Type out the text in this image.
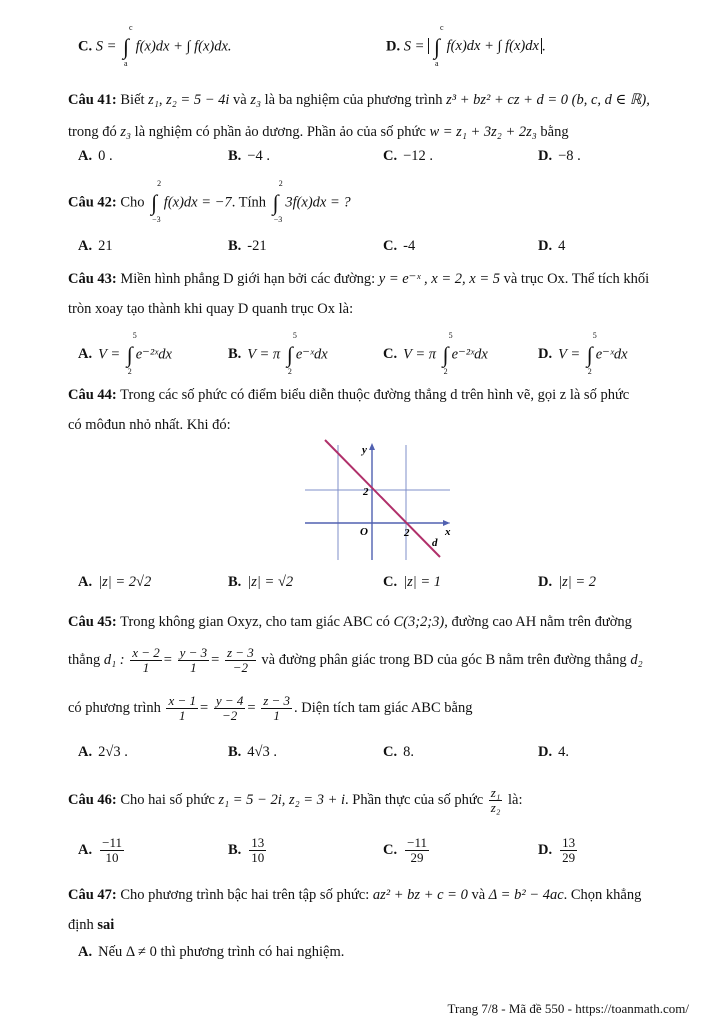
C. S = ∫
c
a
f(x)dx + ∫ f(x)dx.	D. S = ∫
c
a
f(x)dx + ∫ f(x)dx .
Câu 41: Biết z₁, z₂ = 5 − 4i và z₃ là ba nghiệm của phương trình z³ + bz² + cz + d = 0 (b, c, d ∈ ℝ),
trong đó z₃ là nghiệm có phần ảo dương. Phần ảo của số phức w = z₁ + 3z₂ + 2z₃ bằng
A. 0 .	B. −4 .	C. −12 .	D. −8 .
Câu 42: Cho ∫
2
−3
f(x)dx = −7. Tính ∫
2
−3
3f(x)dx = ?
A. 21	B. -21	C. -4	D. 4
Câu 43: Miền hình phẳng D giới hạn bởi các đường: y = e⁻ˣ , x = 2, x = 5 và trục Ox. Thể tích khối
tròn xoay tạo thành khi quay D quanh trục Ox là:
A. V = ∫
5
2
e⁻²ˣdx	B. V = π ∫
5
2
e⁻ˣdx	C. V = π ∫
5
2
e⁻²ˣdx	D. V = ∫
5
2
e⁻ˣdx
Câu 44: Trong các số phức có điểm biểu diễn thuộc đường thẳng d trên hình vẽ, gọi z là số phức
có môđun nhỏ nhất. Khi đó:
y
x
O
2
2
d
A. |z| = 2√2	B. |z| = √2	C. |z| = 1	D. |z| = 2
Câu 45: Trong không gian Oxyz, cho tam giác ABC có C(3;2;3), đường cao AH nằm trên đường
thẳng d₁ : $\frac{x - 2}{1} = \frac{y - 3}{1} = \frac{z - 3}{-2}$ và đường phân giác trong BD của góc B nằm trên đường thẳng d₂
có phương trình $\frac{x - 1}{1} = \frac{y - 4}{-2} = \frac{z - 3}{1}$ . Diện tích tam giác ABC bằng
A. 2√3 .	B. 4√3 .	C. 8.	D. 4.
Câu 46: Cho hai số phức z₁ = 5 − 2i, z₂ = 3 + i. Phần thực của số phức $\frac{\text{z₁}}{\text{z₂}}$ là:
A. $\frac{-11}{10}$	B. $\frac{13}{10}$	C. $\frac{-11}{29}$	D. $\frac{13}{29}$
Câu 47: Cho phương trình bậc hai trên tập số phức: az² + bz + c = 0 và Δ = b² − 4ac. Chọn khẳng
định sai
A. Nếu Δ ≠ 0 thì phương trình có hai nghiệm.
Trang 7/8 - Mã đề 550 - https://toanmath.com/
